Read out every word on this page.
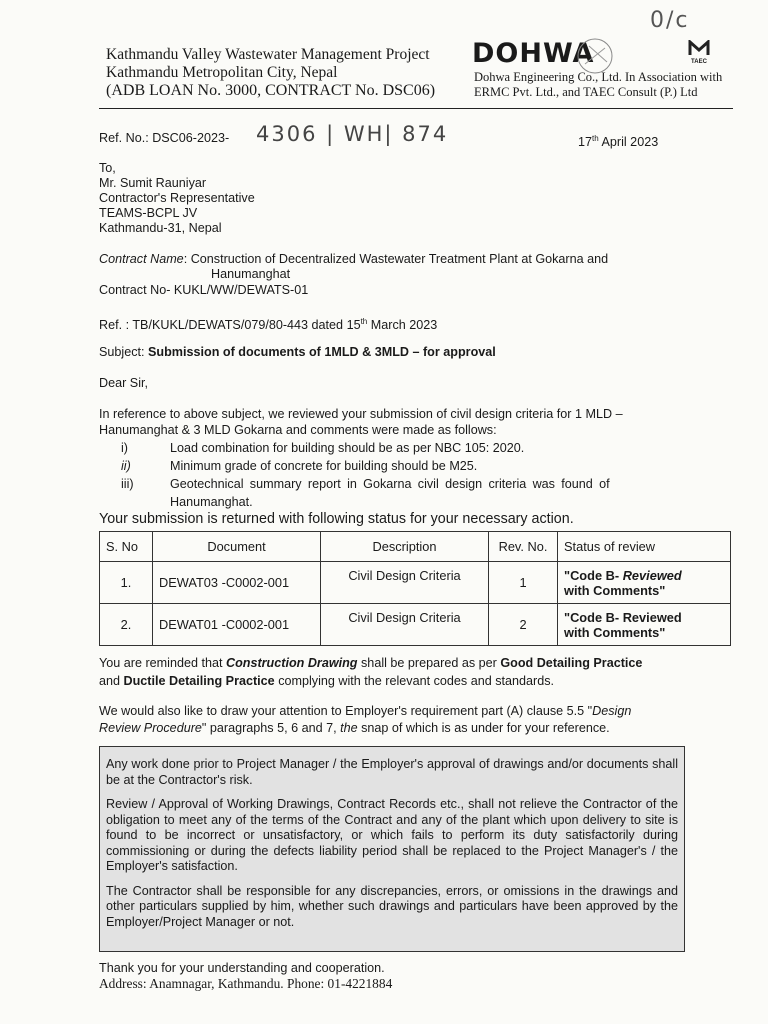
Kathmandu Valley Wastewater Management Project
Kathmandu Metropolitan City, Nepal
(ADB LOAN No. 3000, CONTRACT No. DSC06)
DOHWA	TAEC
0/c
Dohwa Engineering Co., Ltd. In Association with
ERMC Pvt. Ltd., and TAEC Consult (P.) Ltd
Ref. No.: DSC06-2023- 4306 | WH| 874	17th April 2023
To,
Mr. Sumit Rauniyar
Contractor's Representative
TEAMS-BCPL JV
Kathmandu-31, Nepal
Contract Name: Construction of Decentralized Wastewater Treatment Plant at Gokarna and
Hanumanghat
Contract No- KUKL/WW/DEWATS-01
Ref. : TB/KUKL/DEWATS/079/80-443 dated 15th March 2023
Subject: Submission of documents of 1MLD & 3MLD – for approval
Dear Sir,
In reference to above subject, we reviewed your submission of civil design criteria for 1 MLD –
Hanumanghat & 3 MLD Gokarna and comments were made as follows:
i)	Load combination for building should be as per NBC 105: 2020.
ii)	Minimum grade of concrete for building should be M25.
iii)	Geotechnical summary report in Gokarna civil design criteria was found of
Hanumanghat.
Your submission is returned with following status for your necessary action.
S. No	Document	Description	Rev. No.	Status of review
1.	DEWAT03 -C0002-001	Civil Design Criteria	1	"Code B- Reviewed
with Comments"
2.	DEWAT01 -C0002-001	Civil Design Criteria	2	"Code B- Reviewed
with Comments"
You are reminded that Construction Drawing shall be prepared as per Good Detailing Practice
and Ductile Detailing Practice complying with the relevant codes and standards.
We would also like to draw your attention to Employer's requirement part (A) clause 5.5 "Design
Review Procedure" paragraphs 5, 6 and 7, the snap of which is as under for your reference.

Any work done prior to Project Manager / the Employer's approval of drawings and/or documents shall be at the Contractor's risk.

Review / Approval of Working Drawings, Contract Records etc., shall not relieve the Contractor of the obligation to meet any of the terms of the Contract and any of the plant which upon delivery to site is found to be incorrect or unsatisfactory, or which fails to perform its duty satisfactorily during commissioning or during the defects liability period shall be replaced to the Project Manager's / the Employer's satisfaction.

The Contractor shall be responsible for any discrepancies, errors, or omissions in the drawings and other particulars supplied by him, whether such drawings and particulars have been approved by the Employer/Project Manager or not.

Thank you for your understanding and cooperation.
Address: Anamnagar, Kathmandu. Phone: 01-4221884
